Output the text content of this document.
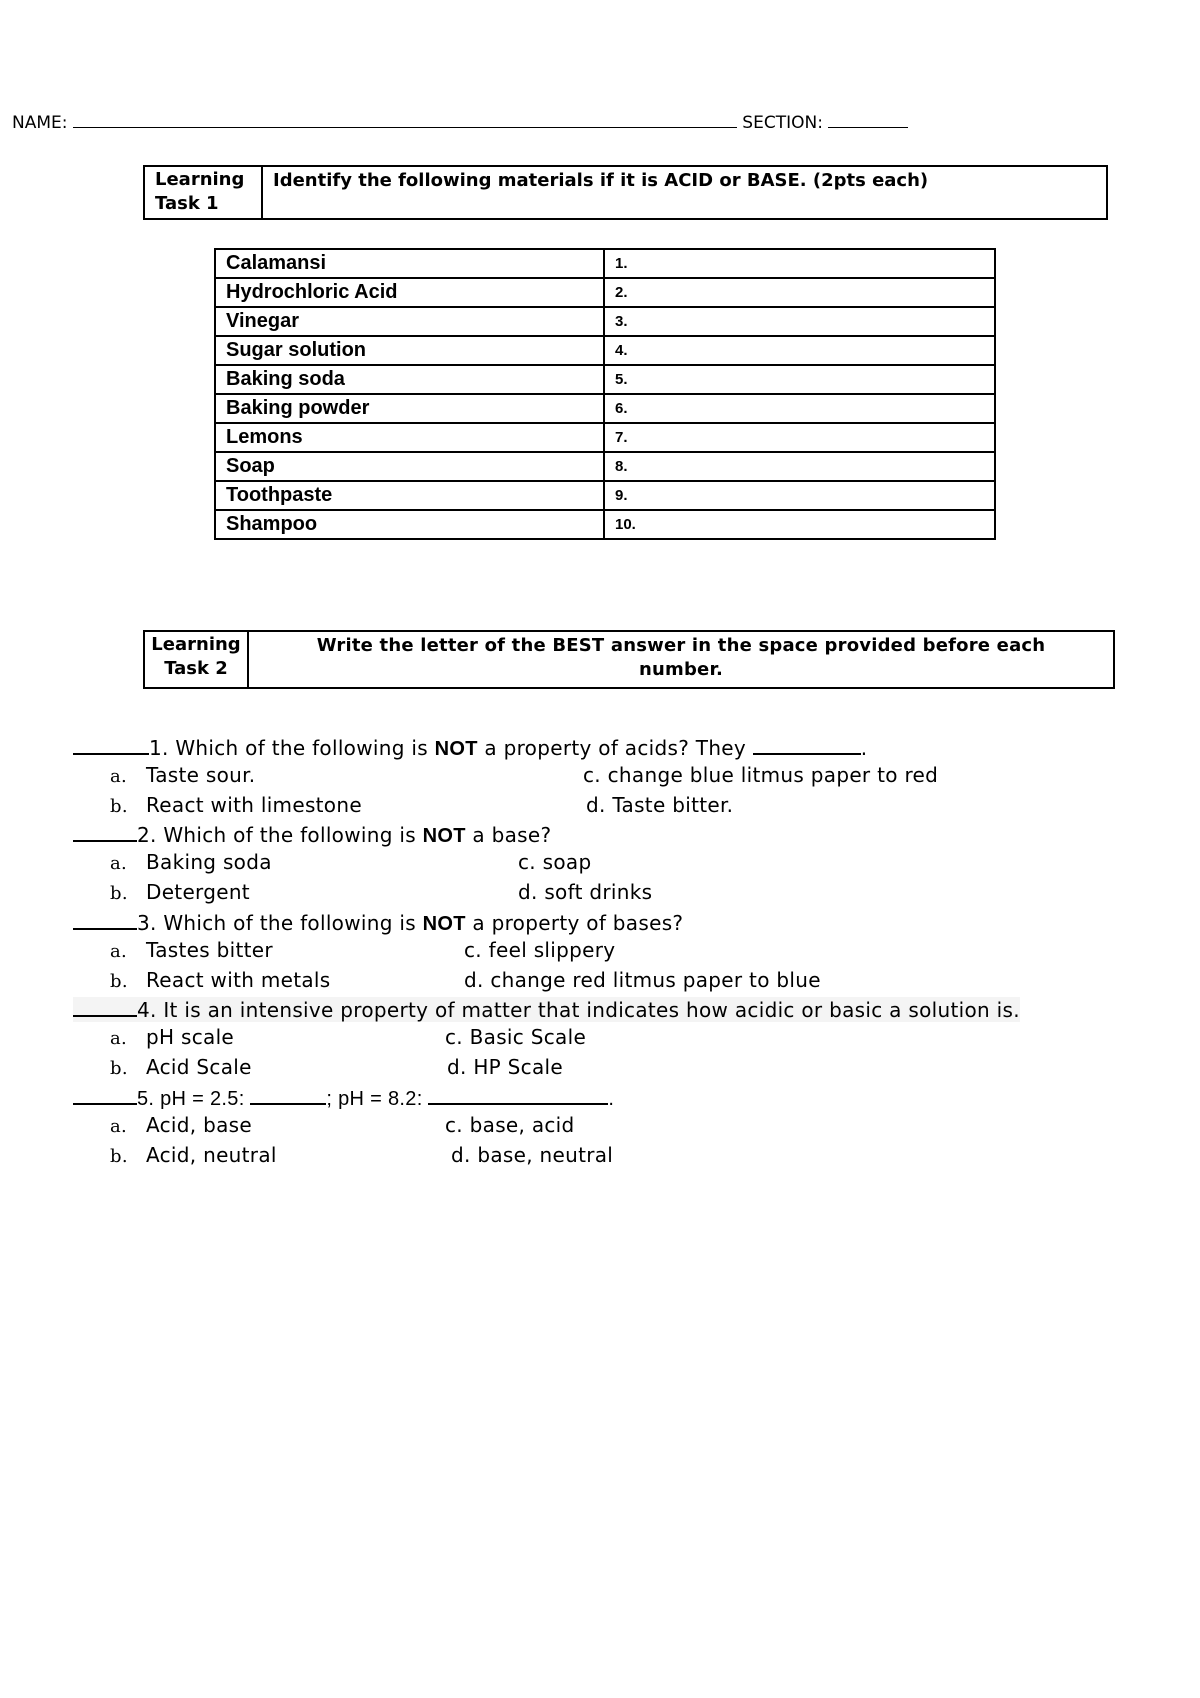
NAME:	SECTION:
Learning
Task 1
Identify the following materials if it is ACID or BASE. (2pts each)
Calamansi	1.
Hydrochloric Acid	2.
Vinegar	3.
Sugar solution	4.
Baking soda	5.
Baking powder	6.
Lemons	7.
Soap	8.
Toothpaste	9.
Shampoo	10.
Learning
Task 2
Write the letter of the BEST answer in the space provided before each
number.
1. Which of the following is NOT a property of acids? They	.
a. Taste sour.	c. change blue litmus paper to red
b. React with limestone	d. Taste bitter.
2. Which of the following is NOT a base?
a. Baking soda	c. soap
b. Detergent	d. soft drinks
3. Which of the following is NOT a property of bases?
a. Tastes bitter	c. feel slippery
b. React with metals	d. change red litmus paper to blue
4. It is an intensive property of matter that indicates how acidic or basic a solution is.
a. pH scale	c. Basic Scale
b. Acid Scale	d. HP Scale
5. pH = 2.5:	; pH = 8.2:	.
a. Acid, base	c. base, acid
b. Acid, neutral	d. base, neutral
